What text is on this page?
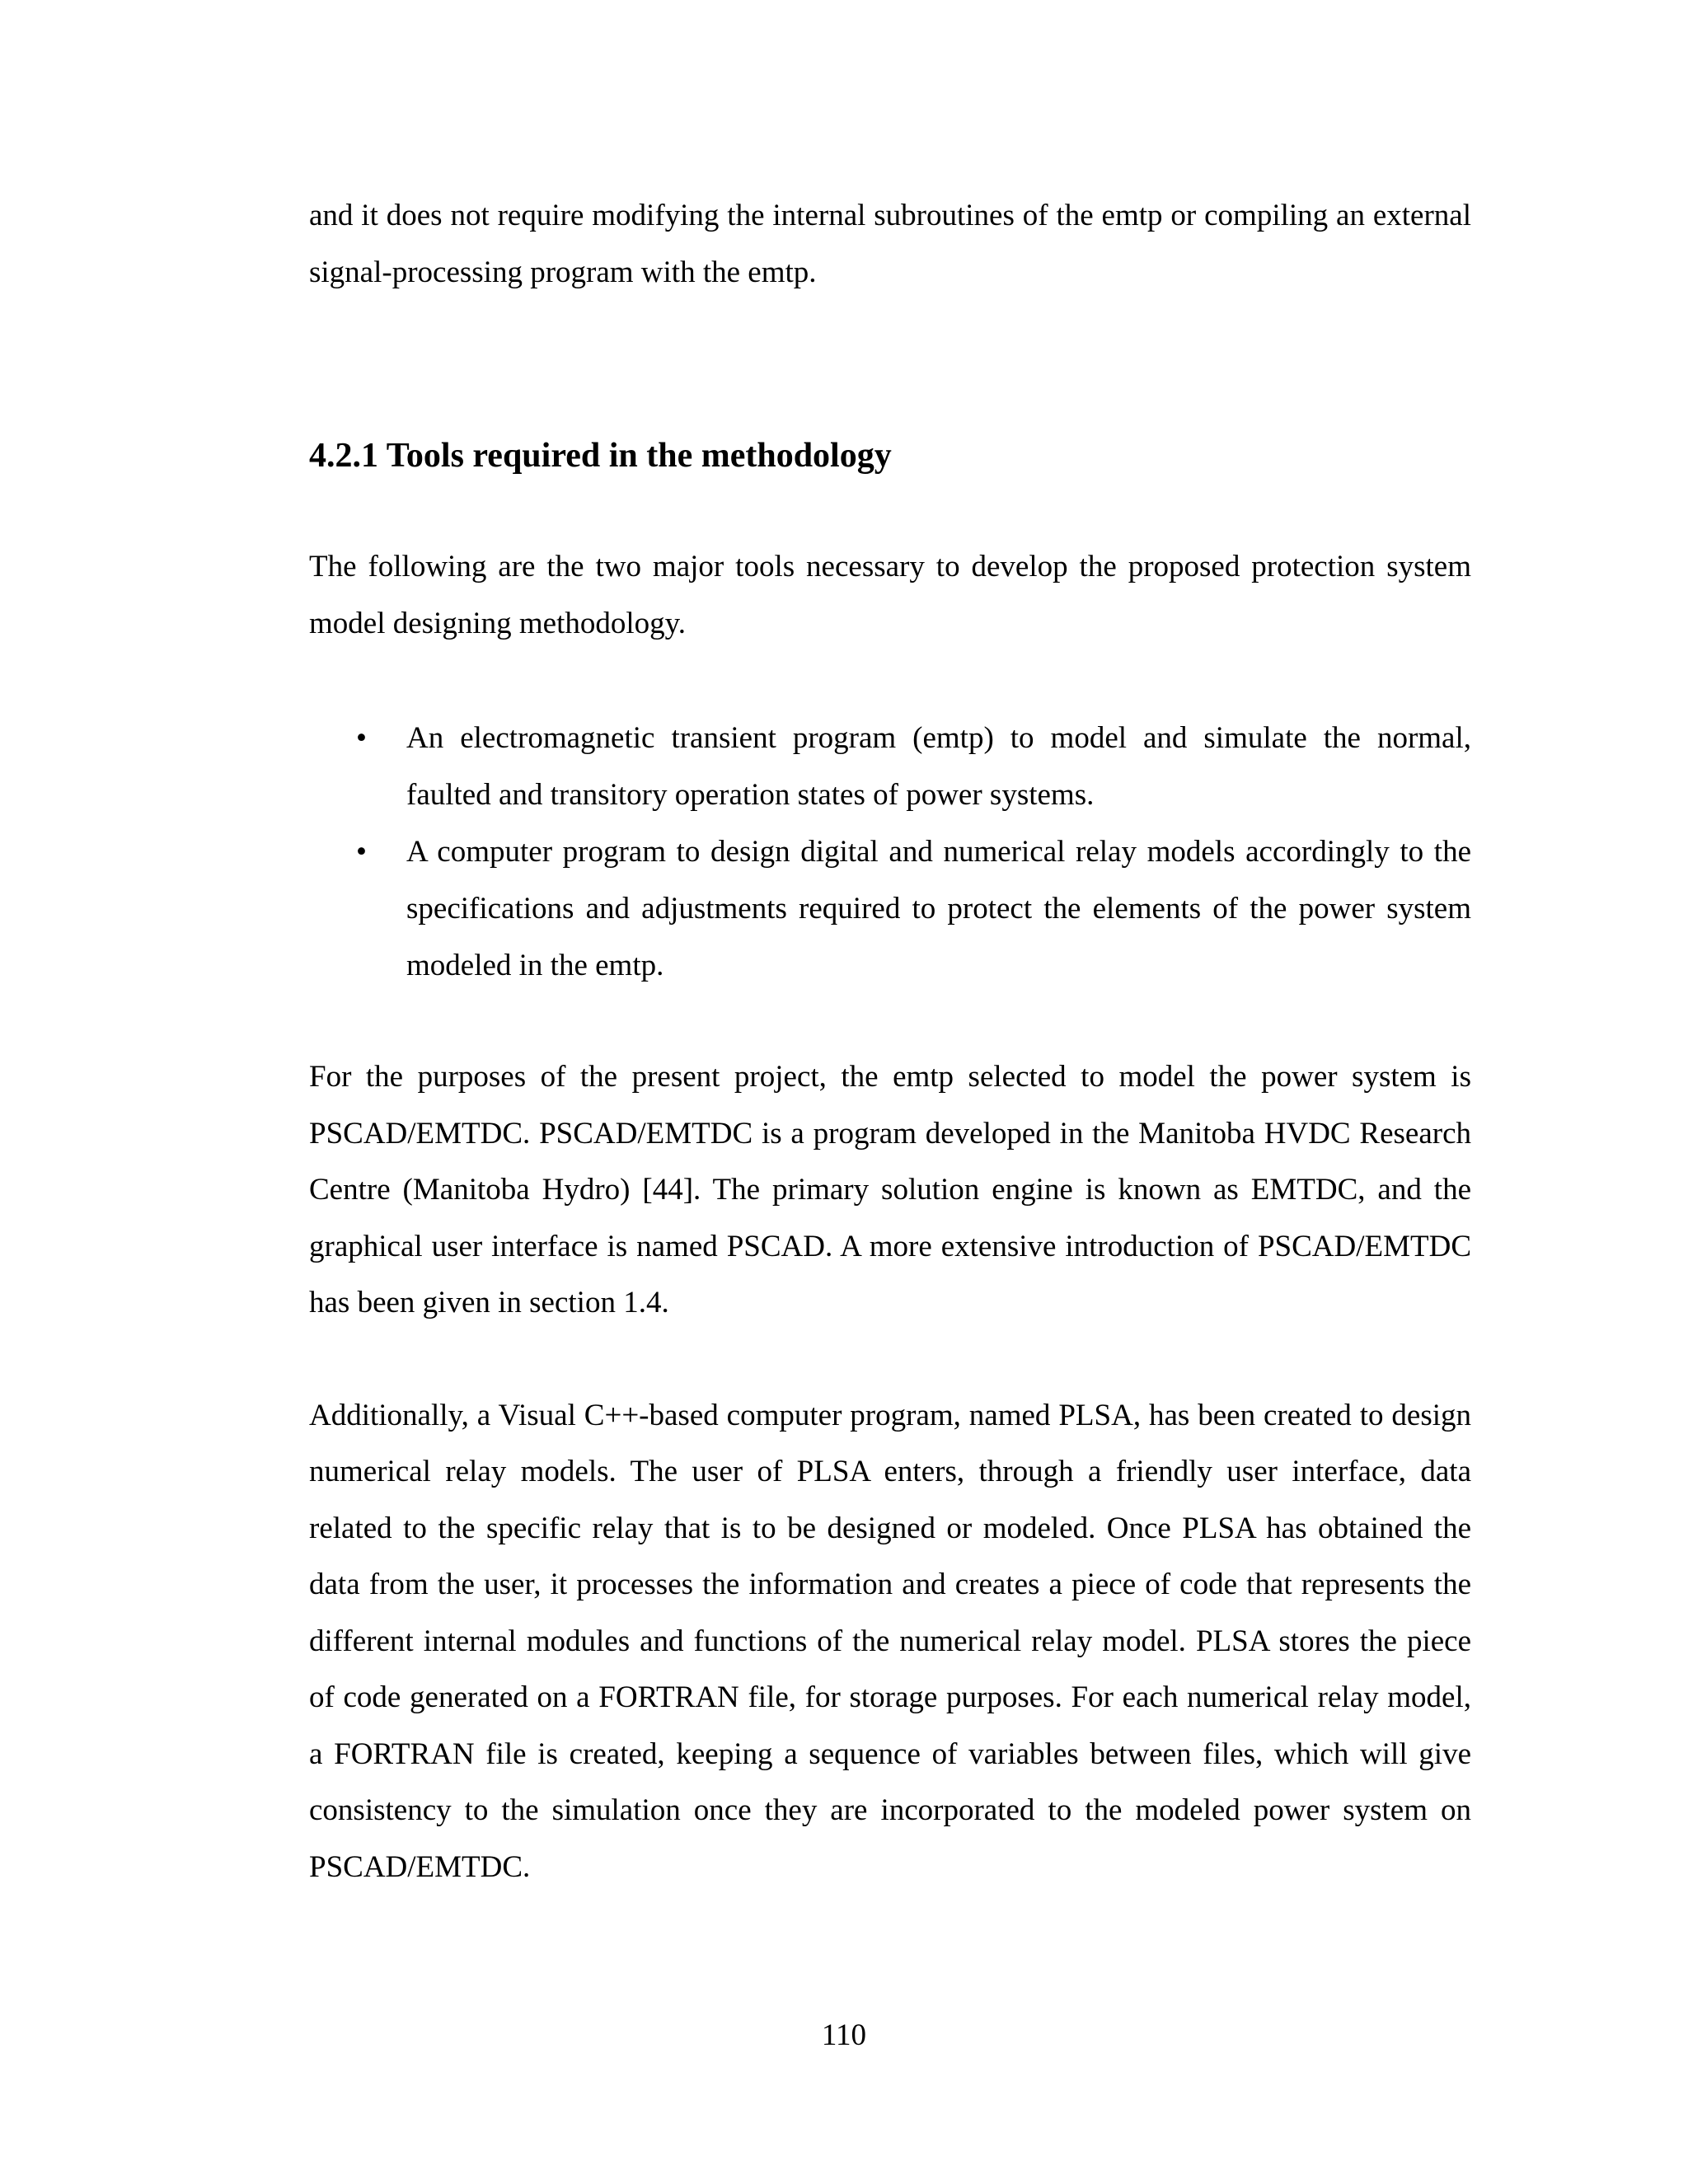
and it does not require modifying the internal subroutines of the emtp or compiling an external signal-processing program with the emtp.

4.2.1 Tools required in the methodology

The following are the two major tools necessary to develop the proposed protection system model designing methodology.

•	An electromagnetic transient program (emtp) to model and simulate the normal, faulted and transitory operation states of power systems.
•	A computer program to design digital and numerical relay models accordingly to the specifications and adjustments required to protect the elements of the power system modeled in the emtp.

For the purposes of the present project, the emtp selected to model the power system is PSCAD/EMTDC. PSCAD/EMTDC is a program developed in the Manitoba HVDC Research Centre (Manitoba Hydro) [44]. The primary solution engine is known as EMTDC, and the graphical user interface is named PSCAD. A more extensive introduction of PSCAD/EMTDC has been given in section 1.4.

Additionally, a Visual C++-based computer program, named PLSA, has been created to design numerical relay models. The user of PLSA enters, through a friendly user interface, data related to the specific relay that is to be designed or modeled. Once PLSA has obtained the data from the user, it processes the information and creates a piece of code that represents the different internal modules and functions of the numerical relay model. PLSA stores the piece of code generated on a FORTRAN file, for storage purposes. For each numerical relay model, a FORTRAN file is created, keeping a sequence of variables between files, which will give consistency to the simulation once they are incorporated to the modeled power system on PSCAD/EMTDC.

110
